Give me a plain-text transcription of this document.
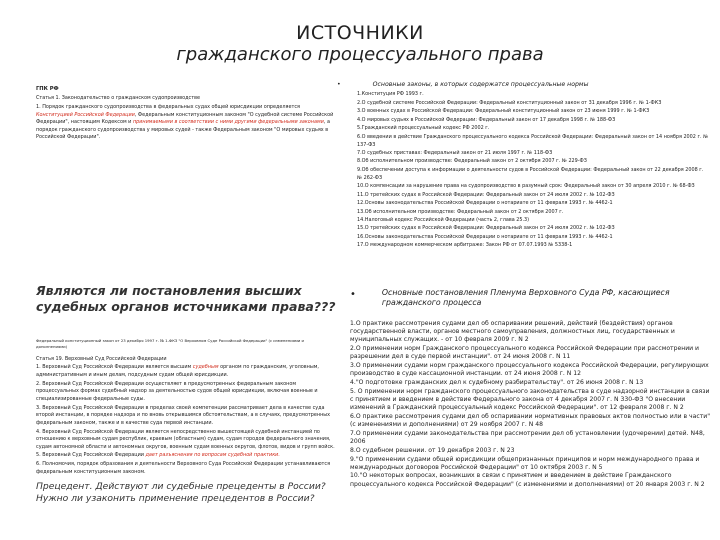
ИСТОЧНИКИ
гражданского процессуального права

ГПК РФ

Статья 1. Законодательство о гражданском судопроизводстве

1. Порядок гражданского судопроизводства в федеральных судах общей юрисдикции определяется Конституцией Российской Федерации, Федеральным конституционным законом "О судебной системе Российской Федерации", настоящим Кодексом и принимаемыми в соответствии с ними другими федеральными законами, а порядок гражданского судопроизводства у мировых судей - также Федеральным законом "О мировых судьях в Российской Федерации".

•	Основные законы, в которых содержатся процессуальные нормы
1.Конституция РФ 1993 г.
2.О судебной системе Российской Федерации: Федеральный конституционный закон от 31 декабря 1996 г. № 1-ФКЗ
3.О военных судах в Российской Федерации: Федеральный конституционный закон от 23 июня 1999 г. № 1-ФКЗ
4.О мировых судьях в Российской Федерации: Федеральный закон от 17 декабря 1998 г. № 188-ФЗ
5.Гражданский процессуальный кодекс РФ 2002 г.
6.О введении в действие Гражданского процессуального кодекса Российской Федерации: Федеральный закон от 14 ноября 2002 г. № 137-ФЗ
7.О судебных приставах: Федеральный закон от 21 июля 1997 г. № 118-ФЗ
8.Об исполнительном производстве: Федеральный закон от 2 октября 2007 г. № 229-ФЗ
9.Об обеспечении доступа к информации о деятельности судов в Российской Федерации: Федеральный закон от 22 декабря 2008 г. № 262-ФЗ
10.О компенсации за нарушение права на судопроизводство в разумный срок: Федеральный закон от 30 апреля 2010 г. № 68-ФЗ
11.О третейских судах в Российской Федерации: Федеральный закон от 24 июля 2002 г. № 102-ФЗ
12.Основы законодательства Российской Федерации о нотариате от 11 февраля 1993 г. № 4462-1
13.Об исполнительном производстве: Федеральный закон от 2 октября 2007 г.
14.Налоговый кодекс Российской Федерации (часть 2, глава 25.3)
15.О третейских судах в Российской Федерации: Федеральный закон от 24 июля 2002 г. № 102-ФЗ
16.Основы законодательства Российской Федерации о нотариате от 11 февраля 1993 г. № 4462-1
17.О международном коммерческом арбитраже: Закон РФ от 07.07.1993 № 5338-1
Являются ли постановления высших судебных органов источниками права???

Федеральный конституционный закон от 23 декабря 1997 г. № 1-ФКЗ "О Верховном Суде Российской Федерации" (с изменениями и дополнениями)

Статья 19. Верховный Суд Российской Федерации

1. Верховный Суд Российской Федерации является высшим судебным органом по гражданским, уголовным, административным и иным делам, подсудным судам общей юрисдикции.

2. Верховный Суд Российской Федерации осуществляет в предусмотренных федеральным законом процессуальных формах судебный надзор за деятельностью судов общей юрисдикции, включая военные и специализированные федеральные суды.

3. Верховный Суд Российской Федерации в пределах своей компетенции рассматривает дела в качестве суда второй инстанции, в порядке надзора и по вновь открывшимся обстоятельствам, а в случаях, предусмотренных федеральным законом, также и в качестве суда первой инстанции.

4. Верховный Суд Российской Федерации является непосредственно вышестоящей судебной инстанцией по отношению к верховным судам республик, краевым (областным) судам, судам городов федерального значения, судам автономной области и автономных округов, военным судам военных округов, флотов, видов и групп войск.

5. Верховный Суд Российской Федерации дает разъяснения по вопросам судебной практики.

6. Полномочия, порядок образования и деятельности Верховного Суда Российской Федерации устанавливаются федеральным конституционным законом.

Прецедент. Действуют ли судебные прецеденты в России? Нужно ли узаконить применение прецедентов в России?
•	Основные постановления Пленума Верховного Суда РФ, касающиеся гражданского процесса

1.О практике рассмотрения судами дел об оспаривании решений, действий (бездействия) органов государственной власти, органов местного самоуправления, должностных лиц, государственных и муниципальных служащих. - от 10 февраля 2009 г. N 2

2.О применении норм Гражданского процессуального кодекса Российской Федерации при рассмотрении и разрешении дел в суде первой инстанции". от 24 июня 2008 г. N 11

3.О применении судами норм гражданского процессуального кодекса Российской Федерации, регулирующих производство в суде кассационной инстанции. от 24 июня 2008 г. N 12

4."О подготовке гражданских дел к судебному разбирательству". от 26 июня 2008 г. N 13

5. О применении норм гражданского процессуального законодательства в суде надзорной инстанции в связи с принятием и введением в действие Федерального закона от 4 декабря 2007 г. N 330-ФЗ "О внесении изменений в Гражданский процессуальный кодекс Российской Федерации". от 12 февраля 2008 г. N 2

6.О практике рассмотрения судами дел об оспаривании нормативных правовых актов полностью или в части" (с изменениями и дополнениями) от 29 ноября 2007 г. N 48

7.О применении судами законодательства при рассмотрении дел об установлении (удочерении) детей. N48, 2006

8.О судебном решении. от 19 декабря 2003 г. N 23

9."О применении судами общей юрисдикции общепризнанных принципов и норм международного права и международных договоров Российской Федерации" от 10 октября 2003 г. N 5

10."О некоторых вопросах, возникших в связи с принятием и введением в действие Гражданского процессуального кодекса Российской Федерации" (с изменениями и дополнениями) от 20 января 2003 г. N 2
